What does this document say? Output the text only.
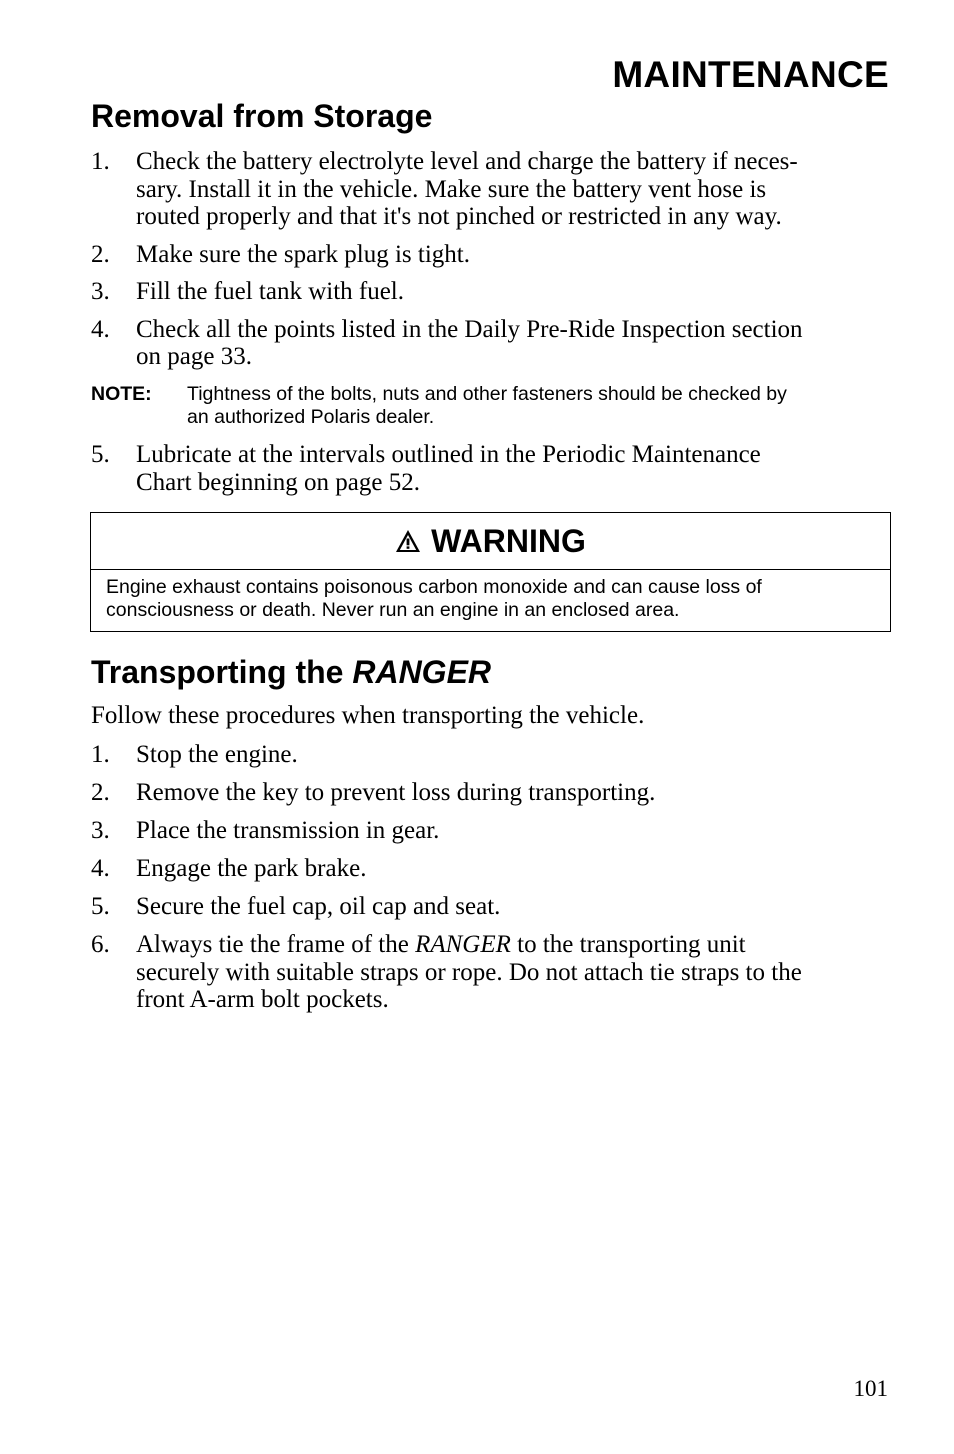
MAINTENANCE
Removal from Storage
1. Check the battery electrolyte level and charge the battery if neces-
sary. Install it in the vehicle. Make sure the battery vent hose is
routed properly and that it's not pinched or restricted in any way.
2. Make sure the spark plug is tight.
3. Fill the fuel tank with fuel.
4. Check all the points listed in the Daily Pre-Ride Inspection section
on page 33.
NOTE:	Tightness of the bolts, nuts and other fasteners should be checked by
an authorized Polaris dealer.
5. Lubricate at the intervals outlined in the Periodic Maintenance
Chart beginning on page 52.
WARNING
Engine exhaust contains poisonous carbon monoxide and can cause loss of
consciousness or death. Never run an engine in an enclosed area.
Transporting the RANGER
Follow these procedures when transporting the vehicle.
1. Stop the engine.
2. Remove the key to prevent loss during transporting.
3. Place the transmission in gear.
4. Engage the park brake.
5. Secure the fuel cap, oil cap and seat.
6. Always tie the frame of the RANGER to the transporting unit
securely with suitable straps or rope. Do not attach tie straps to the
front A-arm bolt pockets.
101
